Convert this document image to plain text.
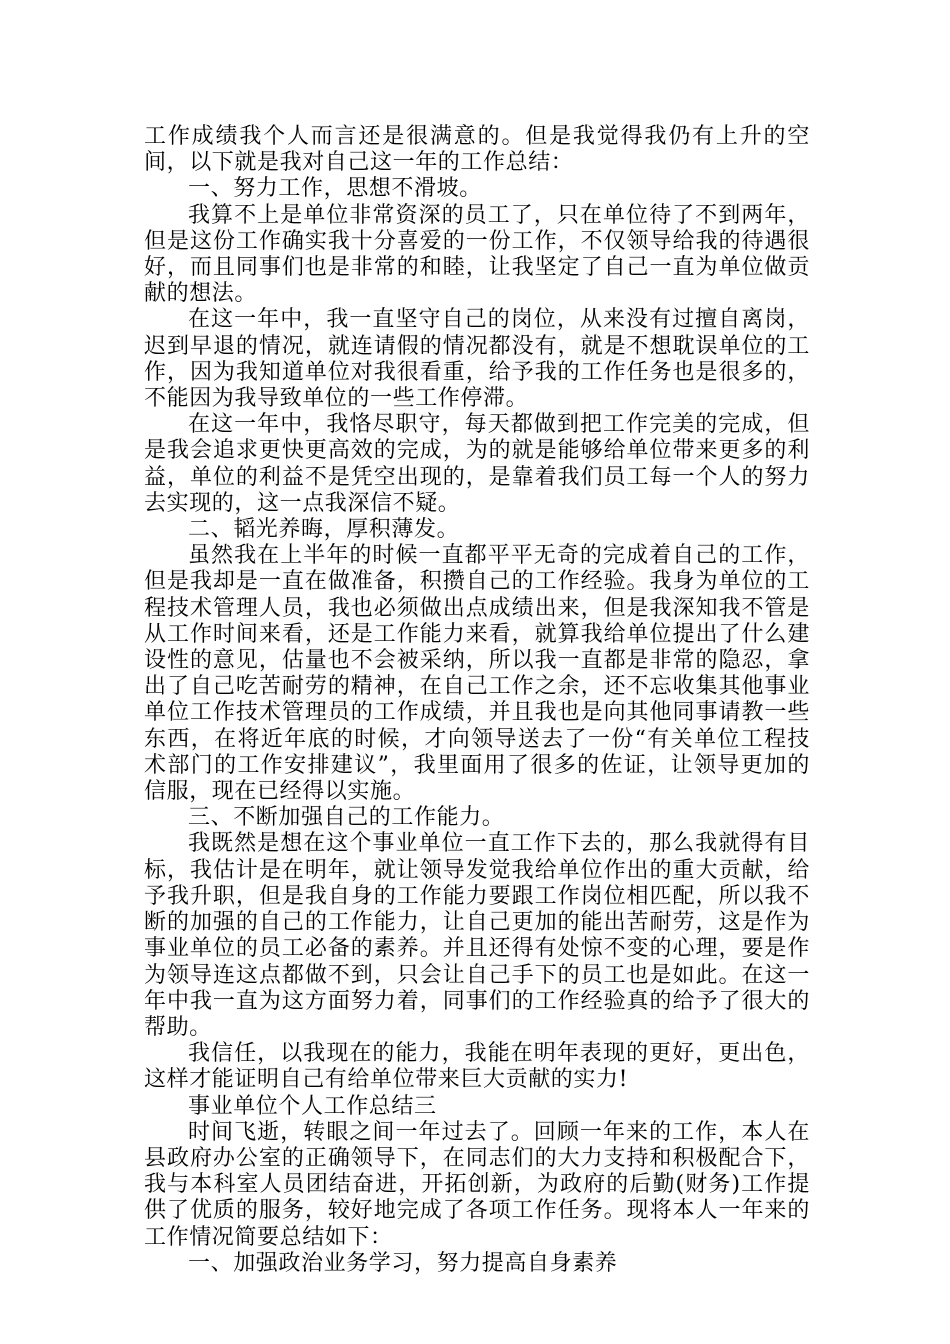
工作成绩我个人而言还是很满意的。但是我觉得我仍有上升的空间，以下就是我对自己这一年的工作总结：

一、努力工作，思想不滑坡。

我算不上是单位非常资深的员工了，只在单位待了不到两年，但是这份工作确实我十分喜爱的一份工作，不仅领导给我的待遇很好，而且同事们也是非常的和睦，让我坚定了自己一直为单位做贡献的想法。

在这一年中，我一直坚守自己的岗位，从来没有过擅自离岗，迟到早退的情况，就连请假的情况都没有，就是不想耽误单位的工作，因为我知道单位对我很看重，给予我的工作任务也是很多的，不能因为我导致单位的一些工作停滞。

在这一年中，我恪尽职守，每天都做到把工作完美的完成，但是我会追求更快更高效的完成，为的就是能够给单位带来更多的利益，单位的利益不是凭空出现的，是靠着我们员工每一个人的努力去实现的，这一点我深信不疑。

二、韬光养晦，厚积薄发。

虽然我在上半年的时候一直都平平无奇的完成着自己的工作，但是我却是一直在做准备，积攒自己的工作经验。我身为单位的工程技术管理人员，我也必须做出点成绩出来，但是我深知我不管是从工作时间来看，还是工作能力来看，就算我给单位提出了什么建设性的意见，估量也不会被采纳，所以我一直都是非常的隐忍，拿出了自己吃苦耐劳的精神，在自己工作之余，还不忘收集其他事业单位工作技术管理员的工作成绩，并且我也是向其他同事请教一些东西，在将近年底的时候，才向领导送去了一份“有关单位工程技术部门的工作安排建议”，我里面用了很多的佐证，让领导更加的信服，现在已经得以实施。

三、不断加强自己的工作能力。

我既然是想在这个事业单位一直工作下去的，那么我就得有目标，我估计是在明年，就让领导发觉我给单位作出的重大贡献，给予我升职，但是我自身的工作能力要跟工作岗位相匹配，所以我不断的加强的自己的工作能力，让自己更加的能出苦耐劳，这是作为事业单位的员工必备的素养。并且还得有处惊不变的心理，要是作为领导连这点都做不到，只会让自己手下的员工也是如此。在这一年中我一直为这方面努力着，同事们的工作经验真的给予了很大的帮助。

我信任，以我现在的能力，我能在明年表现的更好，更出色，这样才能证明自己有给单位带来巨大贡献的实力!

事业单位个人工作总结三

时间飞逝，转眼之间一年过去了。回顾一年来的工作，本人在县政府办公室的正确领导下，在同志们的大力支持和积极配合下，我与本科室人员团结奋进，开拓创新，为政府的后勤(财务)工作提供了优质的服务，较好地完成了各项工作任务。现将本人一年来的工作情况简要总结如下：

一、加强政治业务学习，努力提高自身素养
